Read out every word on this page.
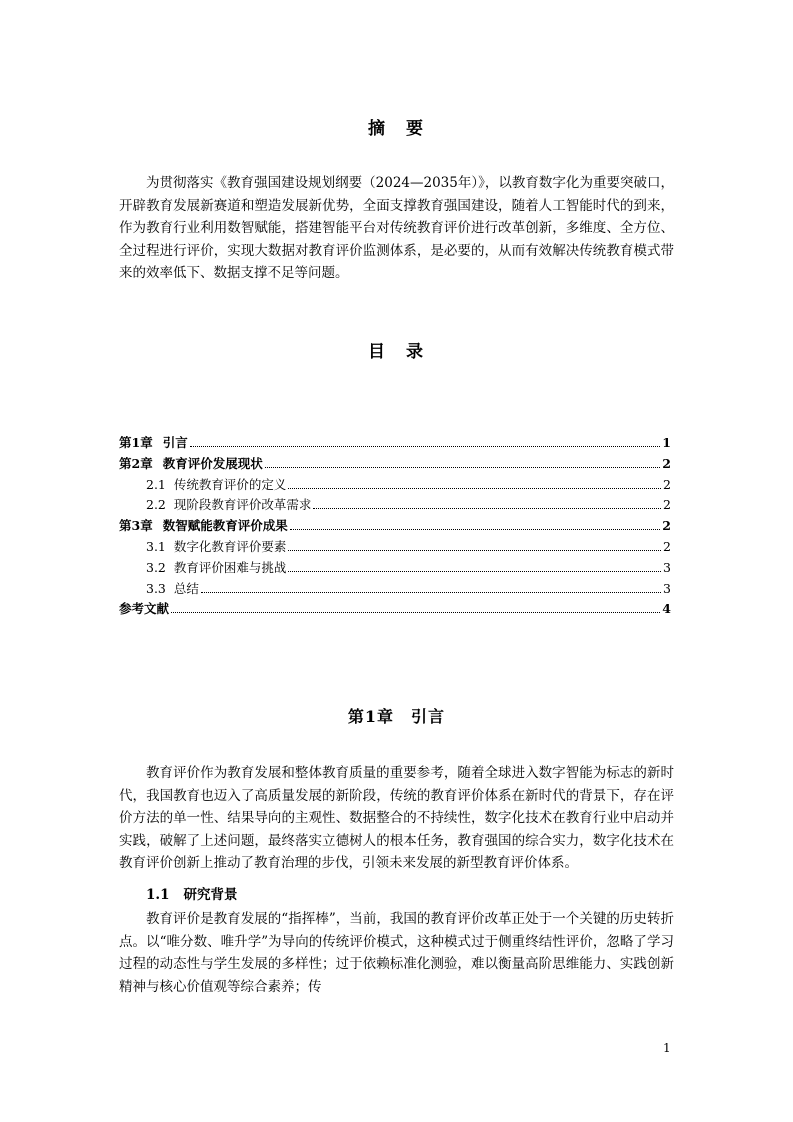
摘　要

为贯彻落实《教育强国建设规划纲要（2024—2035年）》，以教育数字化为重要突破口，开辟教育发展新赛道和塑造发展新优势，全面支撑教育强国建设，随着人工智能时代的到来，作为教育行业利用数智赋能，搭建智能平台对传统教育评价进行改革创新，多维度、全方位、全过程进行评价，实现大数据对教育评价监测体系，是必要的，从而有效解决传统教育模式带来的效率低下、数据支撑不足等问题。

目　录
第1章 引言	1
第2章 教育评价发展现状	2
2.1 传统教育评价的定义	2
2.2 现阶段教育评价改革需求	2
第3章 数智赋能教育评价成果	2
3.1 数字化教育评价要素	2
3.2 教育评价困难与挑战	3
3.3 总结	3
参考文献	4
第1章　引言

教育评价作为教育发展和整体教育质量的重要参考，随着全球进入数字智能为标志的新时代，我国教育也迈入了高质量发展的新阶段，传统的教育评价体系在新时代的背景下，存在评价方法的单一性、结果导向的主观性、数据整合的不持续性，数字化技术在教育行业中启动并实践，破解了上述问题，最终落实立德树人的根本任务，教育强国的综合实力，数字化技术在教育评价创新上推动了教育治理的步伐，引领未来发展的新型教育评价体系。

1.1 研究背景

教育评价是教育发展的“指挥棒”，当前，我国的教育评价改革正处于一个关键的历史转折点。以“唯分数、唯升学”为导向的传统评价模式，这种模式过于侧重终结性评价，忽略了学习过程的动态性与学生发展的多样性；过于依赖标准化测验，难以衡量高阶思维能力、实践创新精神与核心价值观等综合素养；传

1
